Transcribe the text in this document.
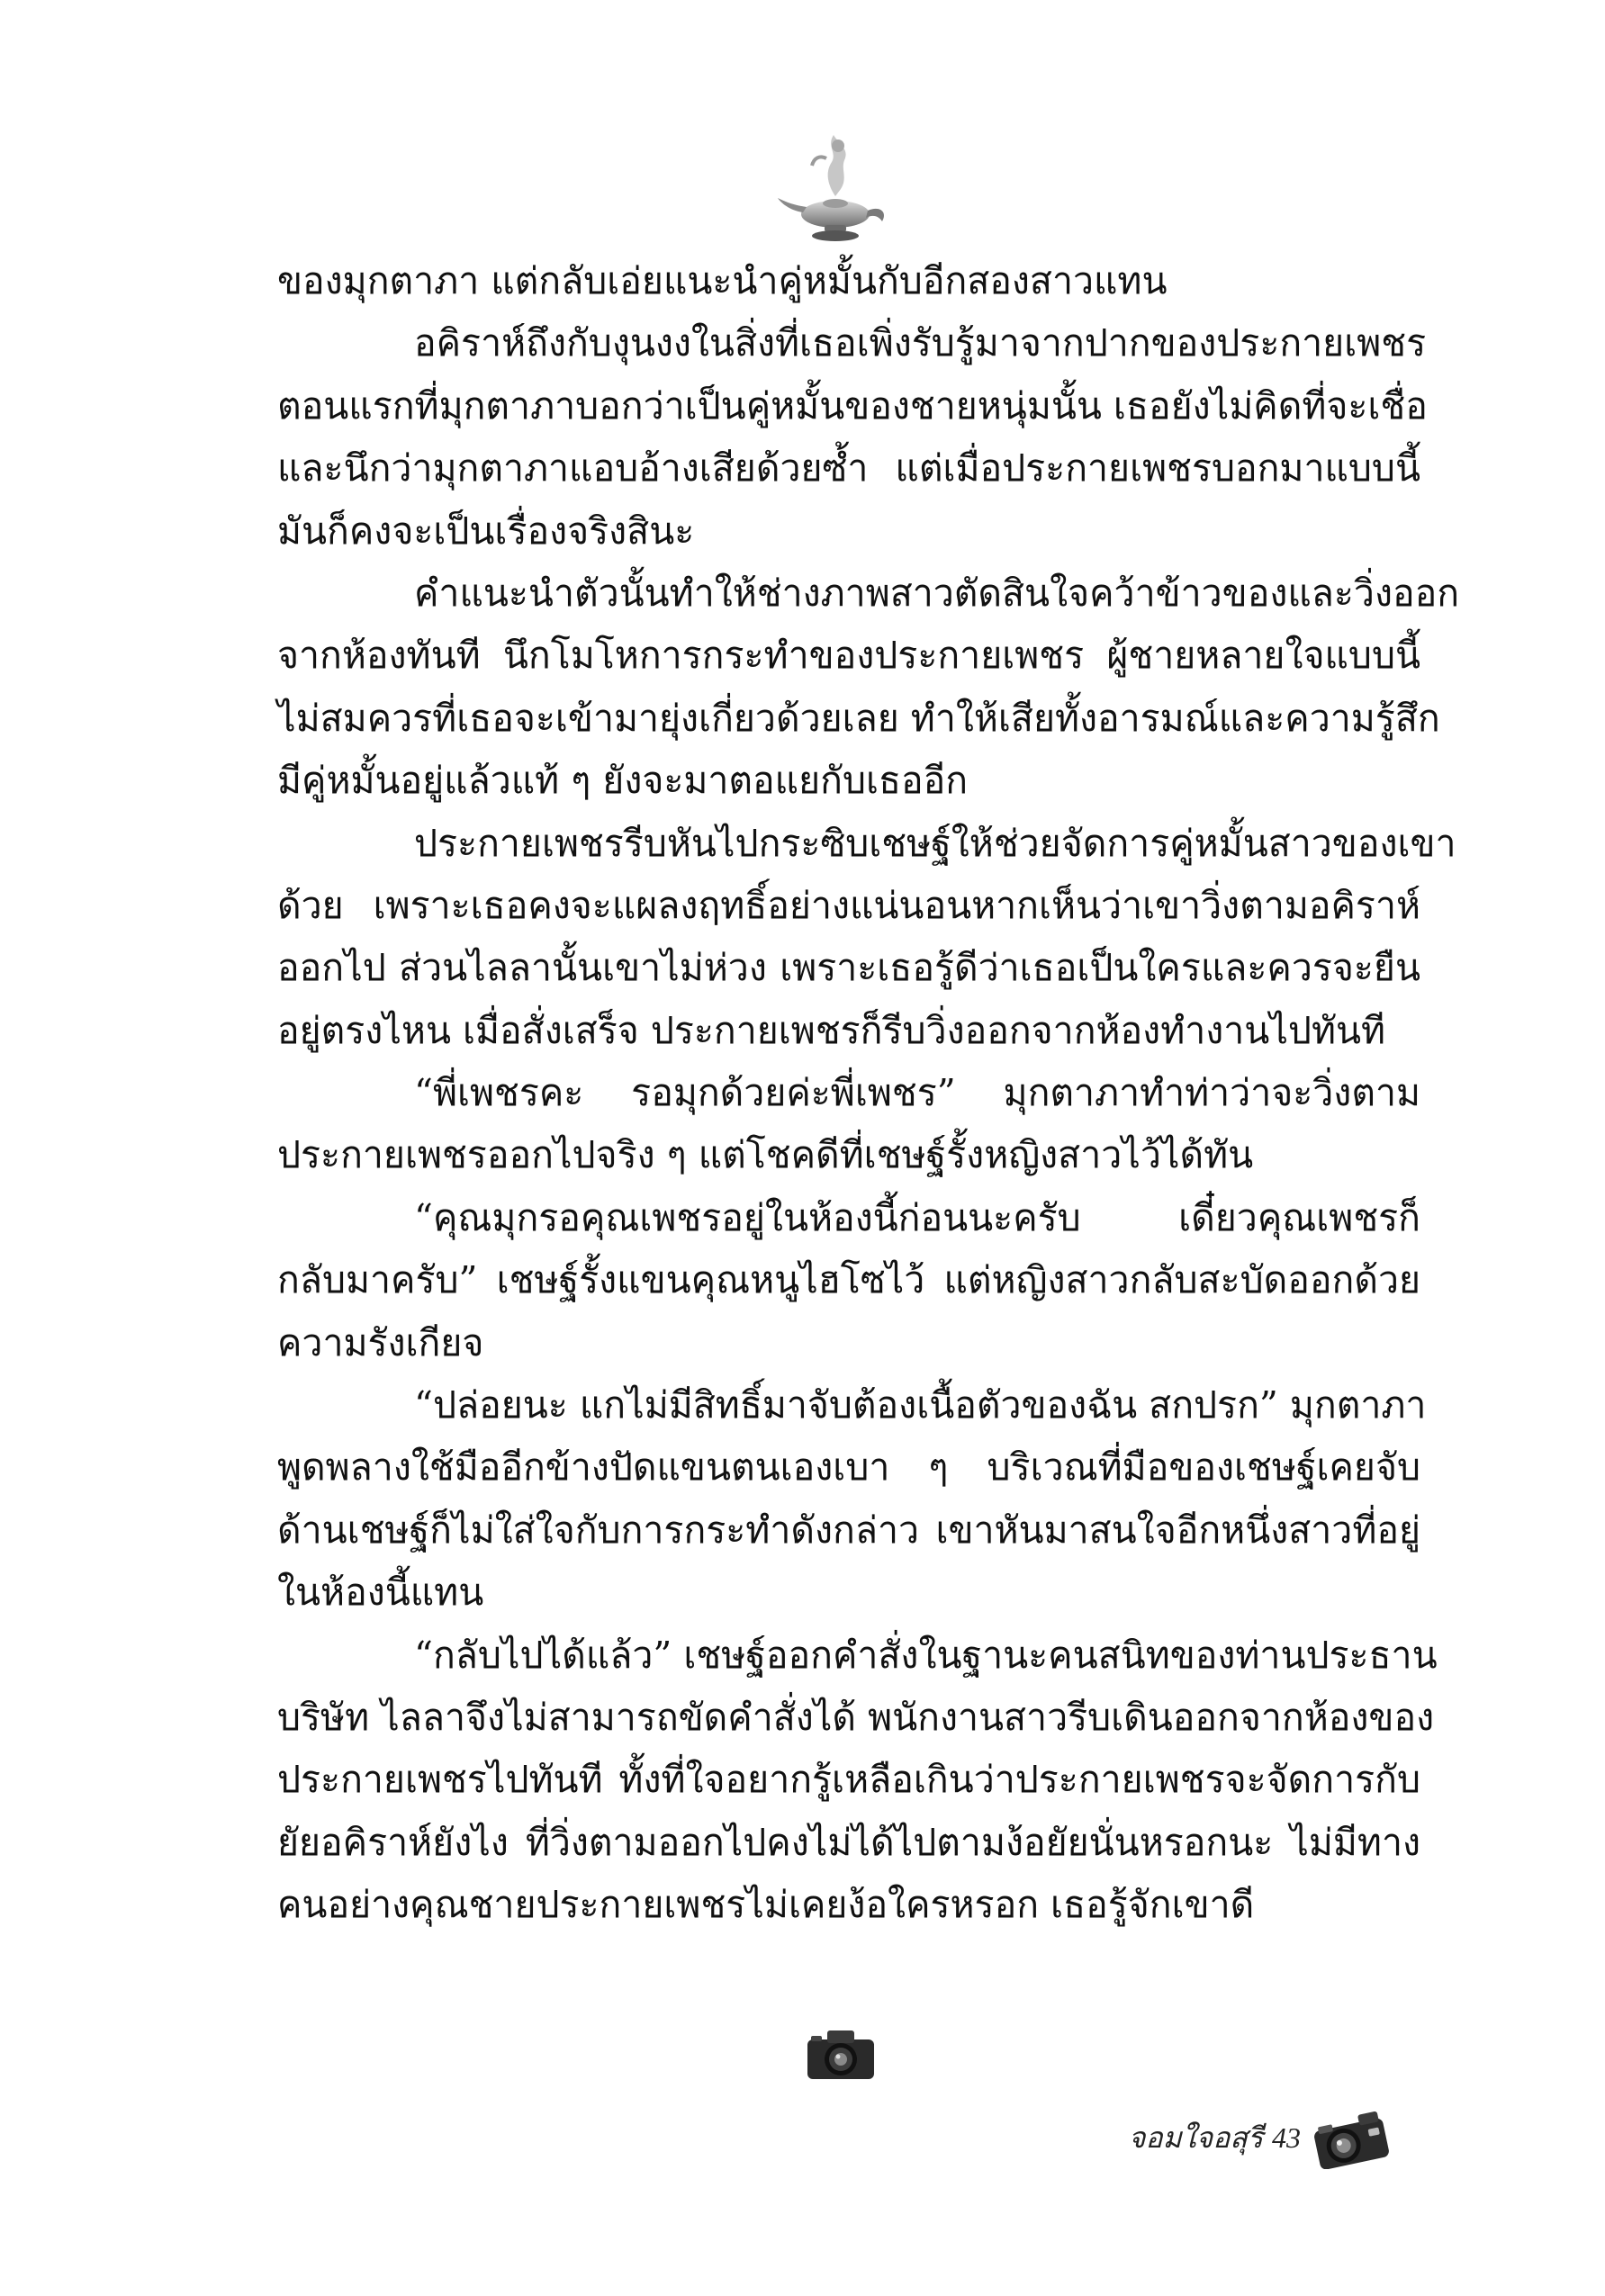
ของมุกตาภา แต่กลับเอ่ยแนะนำคู่หมั้นกับอีกสองสาวแทน
อคิราห์ถึงกับงุนงงในสิ่งที่เธอเพิ่งรับรู้มาจากปากของประกายเพชร
ตอนแรกที่มุกตาภาบอกว่าเป็นคู่หมั้นของชายหนุ่มนั้น เธอยังไม่คิดที่จะเชื่อ
และนึกว่ามุกตาภาแอบอ้างเสียด้วยซ้ำ แต่เมื่อประกายเพชรบอกมาแบบนี้
มันก็คงจะเป็นเรื่องจริงสินะ
คำแนะนำตัวนั้นทำให้ช่างภาพสาวตัดสินใจคว้าข้าวของและวิ่งออก
จากห้องทันที นึกโมโหการกระทำของประกายเพชร ผู้ชายหลายใจแบบนี้
ไม่สมควรที่เธอจะเข้ามายุ่งเกี่ยวด้วยเลย ทำให้เสียทั้งอารมณ์และความรู้สึก
มีคู่หมั้นอยู่แล้วแท้ ๆ ยังจะมาตอแยกับเธออีก
ประกายเพชรรีบหันไปกระซิบเชษฐ์ให้ช่วยจัดการคู่หมั้นสาวของเขา
ด้วย เพราะเธอคงจะแผลงฤทธิ์อย่างแน่นอนหากเห็นว่าเขาวิ่งตามอคิราห์
ออกไป ส่วนไลลานั้นเขาไม่ห่วง เพราะเธอรู้ดีว่าเธอเป็นใครและควรจะยืน
อยู่ตรงไหน เมื่อสั่งเสร็จ ประกายเพชรก็รีบวิ่งออกจากห้องทำงานไปทันที
“พี่เพชรคะ รอมุกด้วยค่ะพี่เพชร” มุกตาภาทำท่าว่าจะวิ่งตาม
ประกายเพชรออกไปจริง ๆ แต่โชคดีที่เชษฐ์รั้งหญิงสาวไว้ได้ทัน
“คุณมุกรอคุณเพชรอยู่ในห้องนี้ก่อนนะครับ เดี๋ยวคุณเพชรก็
กลับมาครับ” เชษฐ์รั้งแขนคุณหนูไฮโซไว้ แต่หญิงสาวกลับสะบัดออกด้วย
ความรังเกียจ
“ปล่อยนะ แกไม่มีสิทธิ์มาจับต้องเนื้อตัวของฉัน สกปรก” มุกตาภา
พูดพลางใช้มืออีกข้างปัดแขนตนเองเบา ๆ บริเวณที่มือของเชษฐ์เคยจับ
ด้านเชษฐ์ก็ไม่ใส่ใจกับการกระทำดังกล่าว เขาหันมาสนใจอีกหนึ่งสาวที่อยู่
ในห้องนี้แทน
“กลับไปได้แล้ว” เชษฐ์ออกคำสั่งในฐานะคนสนิทของท่านประธาน
บริษัท ไลลาจึงไม่สามารถขัดคำสั่งได้ พนักงานสาวรีบเดินออกจากห้องของ
ประกายเพชรไปทันที ทั้งที่ใจอยากรู้เหลือเกินว่าประกายเพชรจะจัดการกับ
ยัยอคิราห์ยังไง ที่วิ่งตามออกไปคงไม่ได้ไปตามง้อยัยนั่นหรอกนะ ไม่มีทาง
คนอย่างคุณชายประกายเพชรไม่เคยง้อใครหรอก เธอรู้จักเขาดี
จอมใจอสุรี 43
